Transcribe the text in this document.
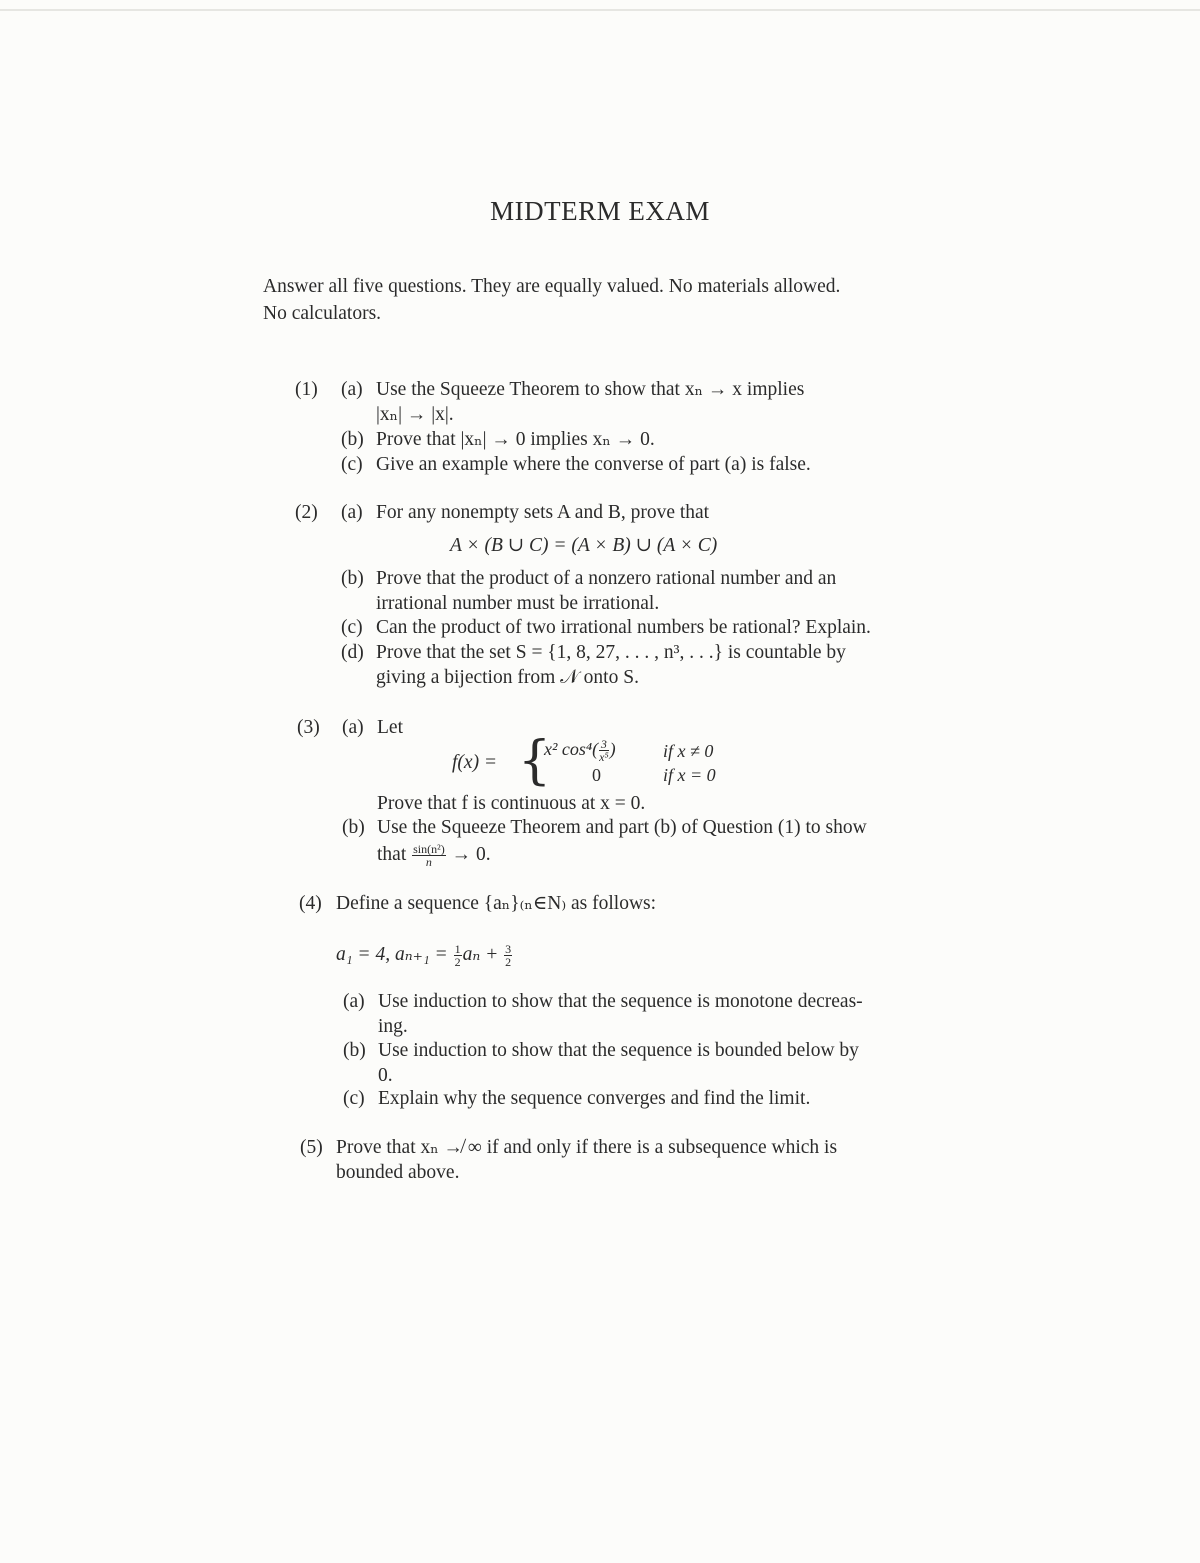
MIDTERM EXAM
Answer all five questions. They are equally valued. No materials allowed.
No calculators.
(1) (a) Use the Squeeze Theorem to show that xₙ → x implies
|xₙ| → |x|.
(b) Prove that |xₙ| → 0 implies xₙ → 0.
(c) Give an example where the converse of part (a) is false.
(2) (a) For any nonempty sets A and B, prove that
A × (B ∪ C) = (A × B) ∪ (A × C)
(b) Prove that the product of a nonzero rational number and an
irrational number must be irrational.
(c) Can the product of two irrational numbers be rational? Explain.
(d) Prove that the set S = {1, 8, 27, . . . , n³, . . .} is countable by
giving a bijection from 𝒩 onto S.
(3) (a) Let
f(x) = {
x² $\cos^4( \frac{3}{\text{x⁵}}$ )	if x ≠ 0
0	if x = 0
Prove that f is continuous at x = 0.
(b) Use the Squeeze Theorem and part (b) of Question (1) to show
that $\frac{\text{sin(n²)}}{n} \to 0$.
(4) Define a sequence {aₙ}₍ₙ∈N₎ as follows:
a₁ = 4, $a_{n+1} = \frac{1}{2}$ $a_n + \frac{3}{2}$
(a) Use induction to show that the sequence is monotone decreas-
ing.
(b) Use induction to show that the sequence is bounded below by
0.
(c) Explain why the sequence converges and find the limit.
(5) Prove that xₙ ↛ ∞ if and only if there is a subsequence which is
bounded above.
